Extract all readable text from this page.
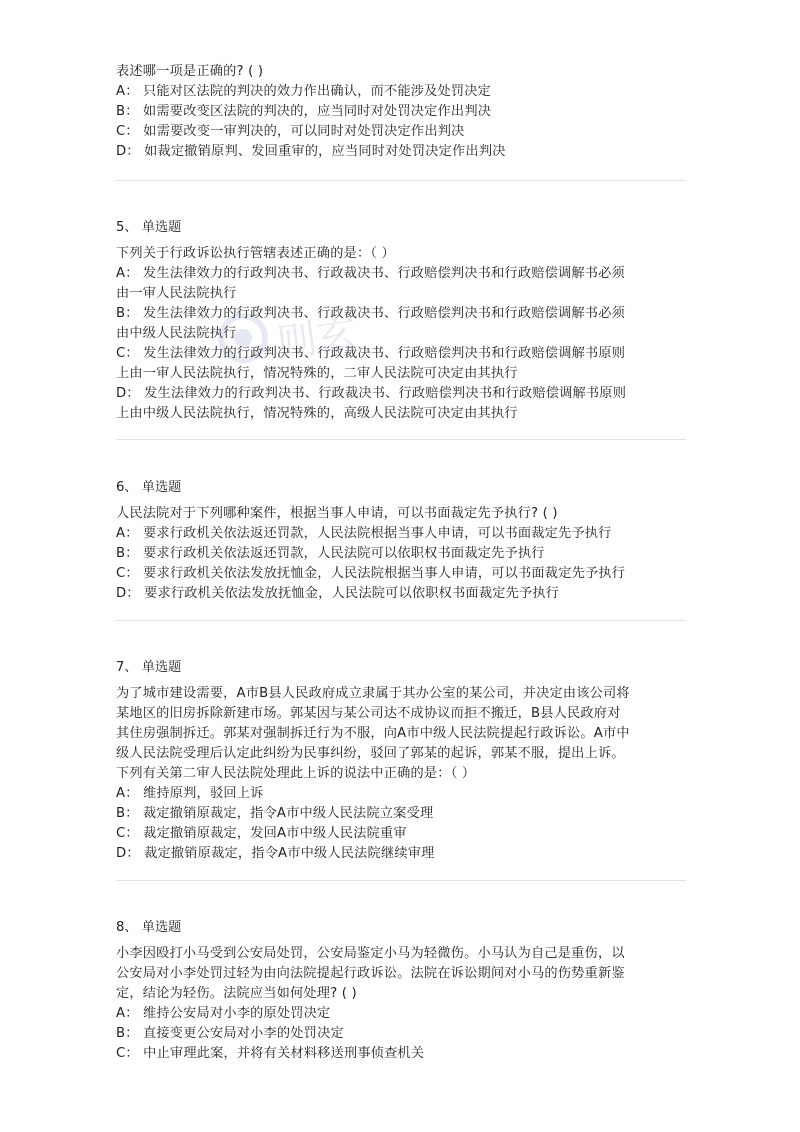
则玄
表述哪一项是正确的? ( )
A： 只能对区法院的判决的效力作出确认，而不能涉及处罚决定
B： 如需要改变区法院的判决的，应当同时对处罚决定作出判决
C： 如需要改变一审判决的，可以同时对处罚决定作出判决
D： 如裁定撤销原判、发回重审的，应当同时对处罚决定作出判决
5、 单选题
下列关于行政诉讼执行管辖表述正确的是：（ ）
A： 发生法律效力的行政判决书、行政裁决书、行政赔偿判决书和行政赔偿调解书必须
由一审人民法院执行
B： 发生法律效力的行政判决书、行政裁决书、行政赔偿判决书和行政赔偿调解书必须
由中级人民法院执行
C： 发生法律效力的行政判决书、行政裁决书、行政赔偿判决书和行政赔偿调解书原则
上由一审人民法院执行，情况特殊的，二审人民法院可决定由其执行
D： 发生法律效力的行政判决书、行政裁决书、行政赔偿判决书和行政赔偿调解书原则
上由中级人民法院执行，情况特殊的，高级人民法院可决定由其执行
6、 单选题
人民法院对于下列哪种案件，根据当事人申请，可以书面裁定先予执行? ( )
A： 要求行政机关依法返还罚款，人民法院根据当事人申请，可以书面裁定先予执行
B： 要求行政机关依法返还罚款，人民法院可以依职权书面裁定先予执行
C： 要求行政机关依法发放抚恤金，人民法院根据当事人申请，可以书面裁定先予执行
D： 要求行政机关依法发放抚恤金，人民法院可以依职权书面裁定先予执行
7、 单选题
为了城市建设需要，A市B县人民政府成立隶属于其办公室的某公司，并决定由该公司将
某地区的旧房拆除新建市场。郭某因与某公司达不成协议而拒不搬迁，B县人民政府对
其住房强制拆迁。郭某对强制拆迁行为不服，向A市中级人民法院提起行政诉讼。A市中
级人民法院受理后认定此纠纷为民事纠纷，驳回了郭某的起诉，郭某不服，提出上诉。
下列有关第二审人民法院处理此上诉的说法中正确的是：（ ）
A： 维持原判，驳回上诉
B： 裁定撤销原裁定，指令A市中级人民法院立案受理
C： 裁定撤销原裁定，发回A市中级人民法院重审
D： 裁定撤销原裁定，指令A市中级人民法院继续审理
8、 单选题
小李因殴打小马受到公安局处罚，公安局鉴定小马为轻微伤。小马认为自己是重伤，以
公安局对小李处罚过轻为由向法院提起行政诉讼。法院在诉讼期间对小马的伤势重新鉴
定，结论为轻伤。法院应当如何处理? ( )
A： 维持公安局对小李的原处罚决定
B： 直接变更公安局对小李的处罚决定
C： 中止审理此案，并将有关材料移送刑事侦查机关
